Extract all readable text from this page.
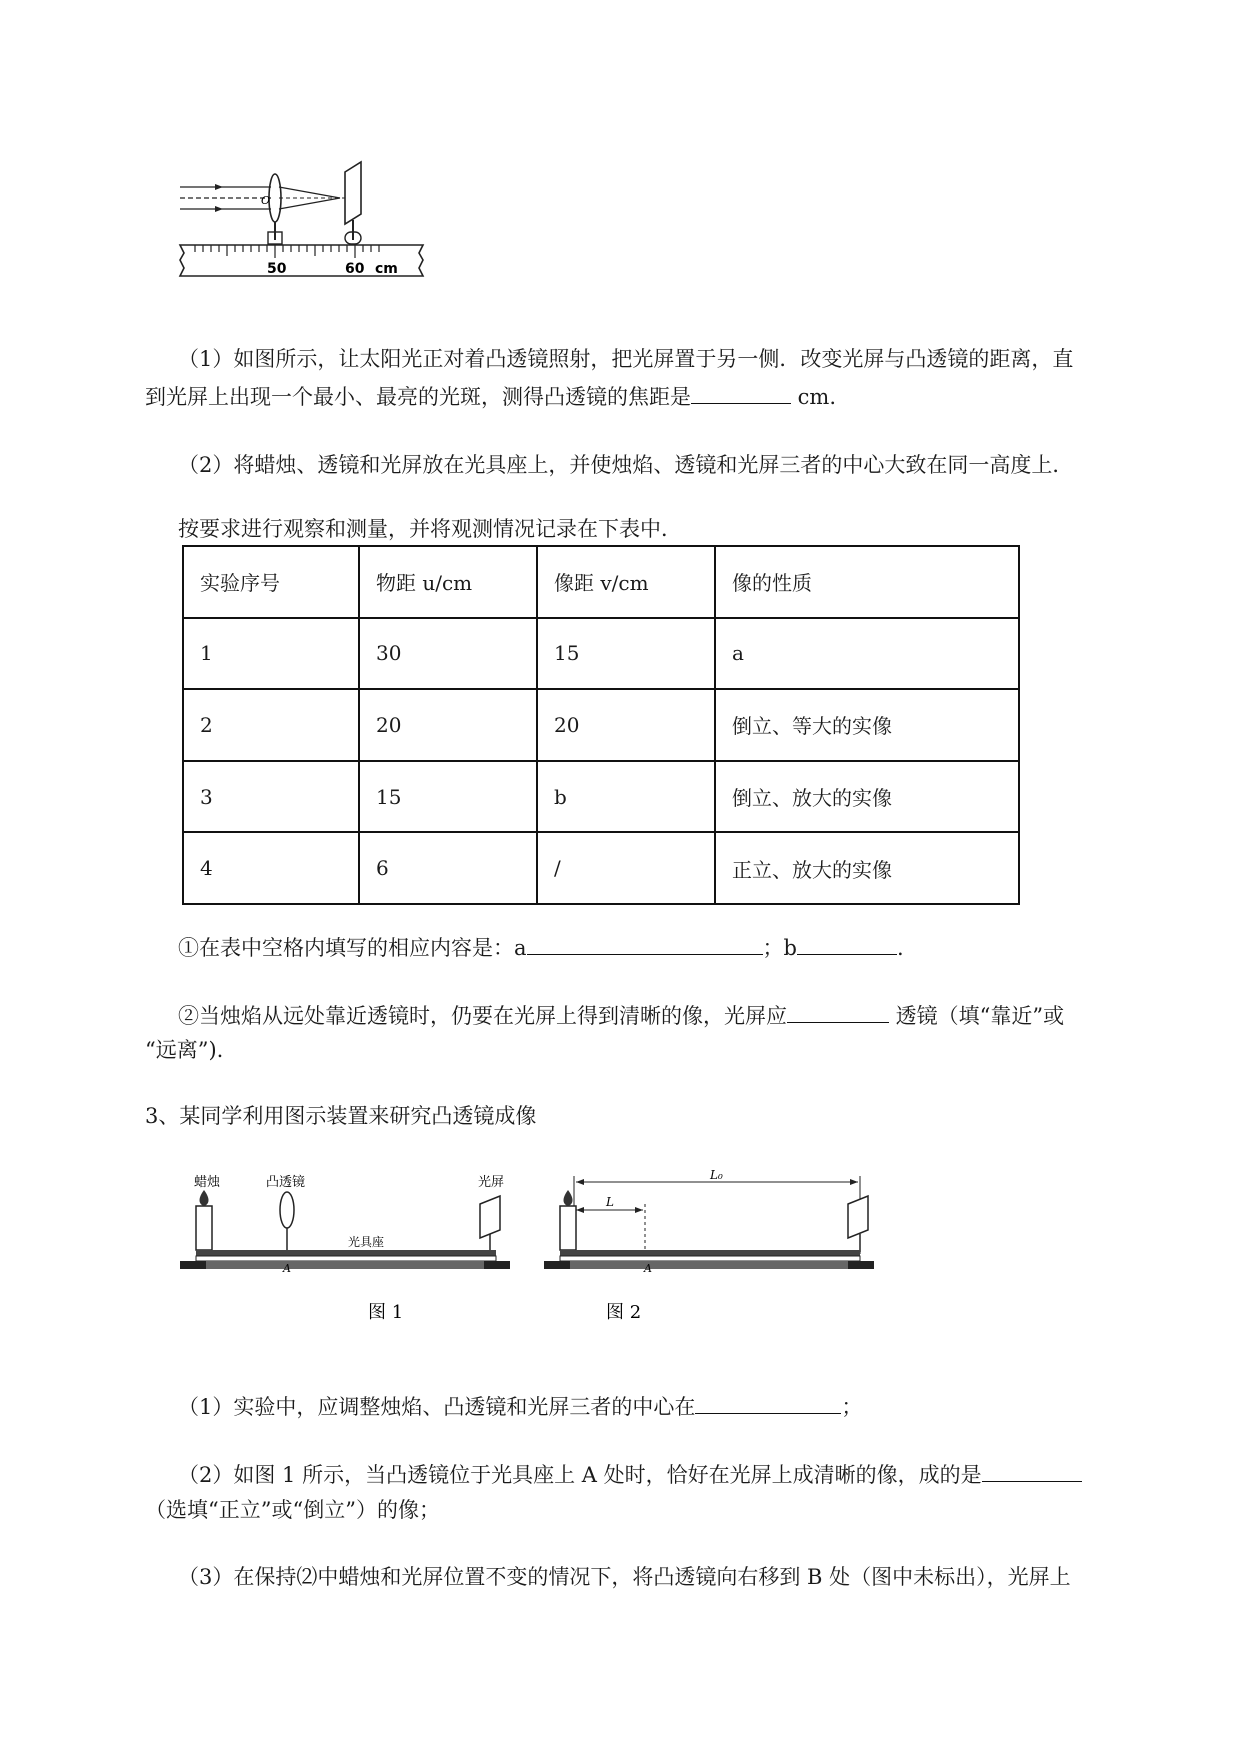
O
50	60 cm
（1）如图所示，让太阳光正对着凸透镜照射，把光屏置于另一侧．改变光屏与凸透镜的距离，直
到光屏上出现一个最小、最亮的光斑，测得凸透镜的焦距是	cm.
（2）将蜡烛、透镜和光屏放在光具座上，并使烛焰、透镜和光屏三者的中心大致在同一高度上．
按要求进行观察和测量，并将观测情况记录在下表中．
实验序号	物距 u/cm	像距 v/cm	像的性质
1	30	15	a
2	20	20	倒立、等大的实像
3	15	b	倒立、放大的实像
4	6	/	正立、放大的实像
①在表中空格内填写的相应内容是：a	；b	.
②当烛焰从远处靠近透镜时，仍要在光屏上得到清晰的像，光屏应	透镜（填“靠近”或
“远离”).
3、某同学利用图示装置来研究凸透镜成像
蜡烛	凸透镜	光屏
光具座
A
图 1
L₀
L
A
图 2
（1）实验中，应调整烛焰、凸透镜和光屏三者的中心在	；
（2）如图 1 所示，当凸透镜位于光具座上 A 处时，恰好在光屏上成清晰的像，成的是
（选填“正立”或“倒立”）的像；
（3）在保持⑵中蜡烛和光屏位置不变的情况下，将凸透镜向右移到 B 处（图中未标出），光屏上
